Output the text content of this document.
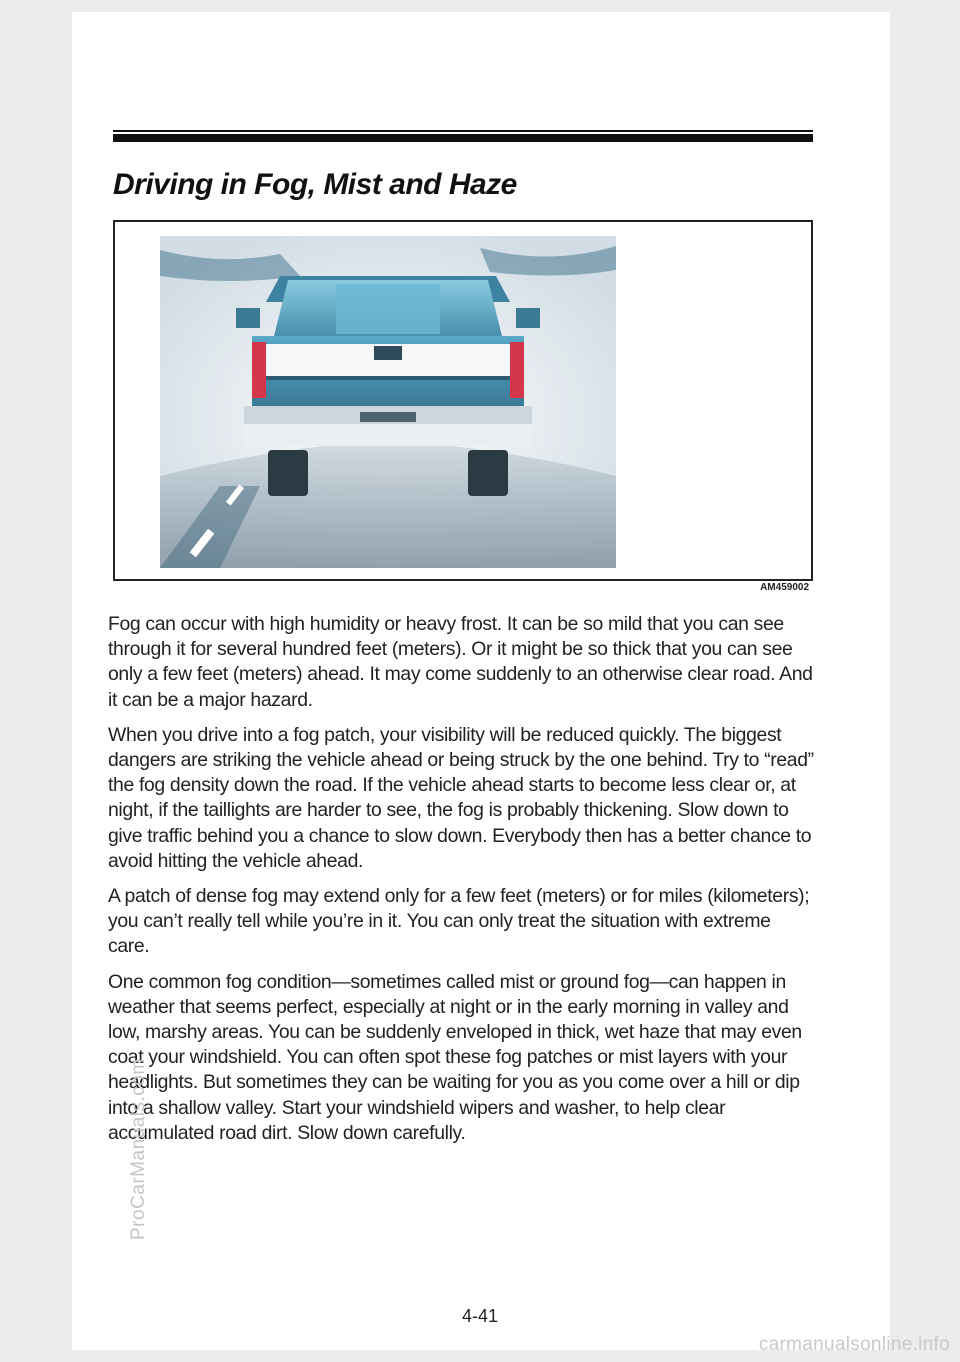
Driving in Fog, Mist and Haze
AM459002

Fog can occur with high humidity or heavy frost. It can be so mild that you can see through it for several hundred feet (meters). Or it might be so thick that you can see only a few feet (meters) ahead. It may come suddenly to an otherwise clear road. And it can be a major hazard.

When you drive into a fog patch, your visibility will be reduced quickly. The biggest dangers are striking the vehicle ahead or being struck by the one behind. Try to “read” the fog density down the road. If the vehicle ahead starts to become less clear or, at night, if the taillights are harder to see, the fog is probably thickening. Slow down to give traffic behind you a chance to slow down. Everybody then has a better chance to avoid hitting the vehicle ahead.

A patch of dense fog may extend only for a few feet (meters) or for miles (kilometers); you can’t really tell while you’re in it. You can only treat the situation with extreme care.

One common fog condition—sometimes called mist or ground fog—can happen in weather that seems perfect, especially at night or in the early morning in valley and low, marshy areas. You can be suddenly enveloped in thick, wet haze that may even coat your windshield. You can often spot these fog patches or mist layers with your headlights. But sometimes they can be waiting for you as you come over a hill or dip into a shallow valley. Start your windshield wipers and washer, to help clear accumulated road dirt. Slow down carefully.

4-41
ProCarManuals.com
carmanualsonline.info
